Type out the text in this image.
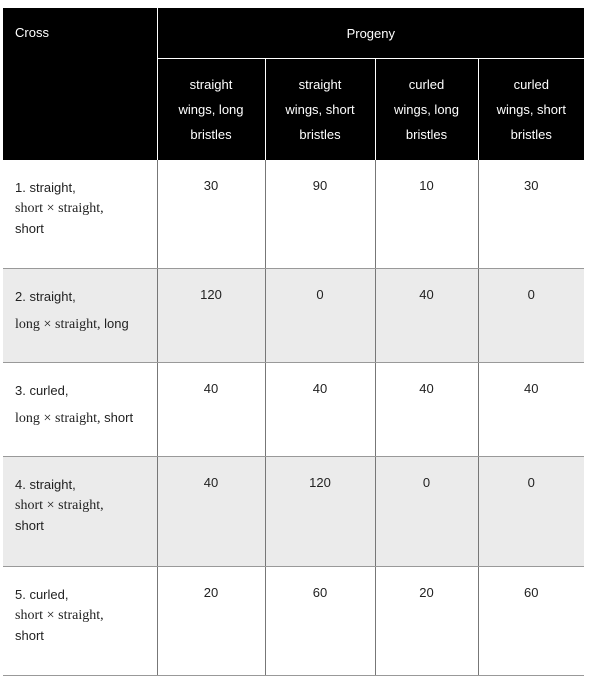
Cross	Progeny			
	straight
wings, long
bristles	straight
wings, short
bristles	curled
wings, long
bristles	curled
wings, short
bristles
1. straight,
short × straight,
short	30	90	10	30
2. straight,
long × straight, long	120	0	40	0
3. curled,
long × straight, short	40	40	40	40
4. straight,
short × straight,
short	40	120	0	0
5. curled,
short × straight,
short	20	60	20	60
